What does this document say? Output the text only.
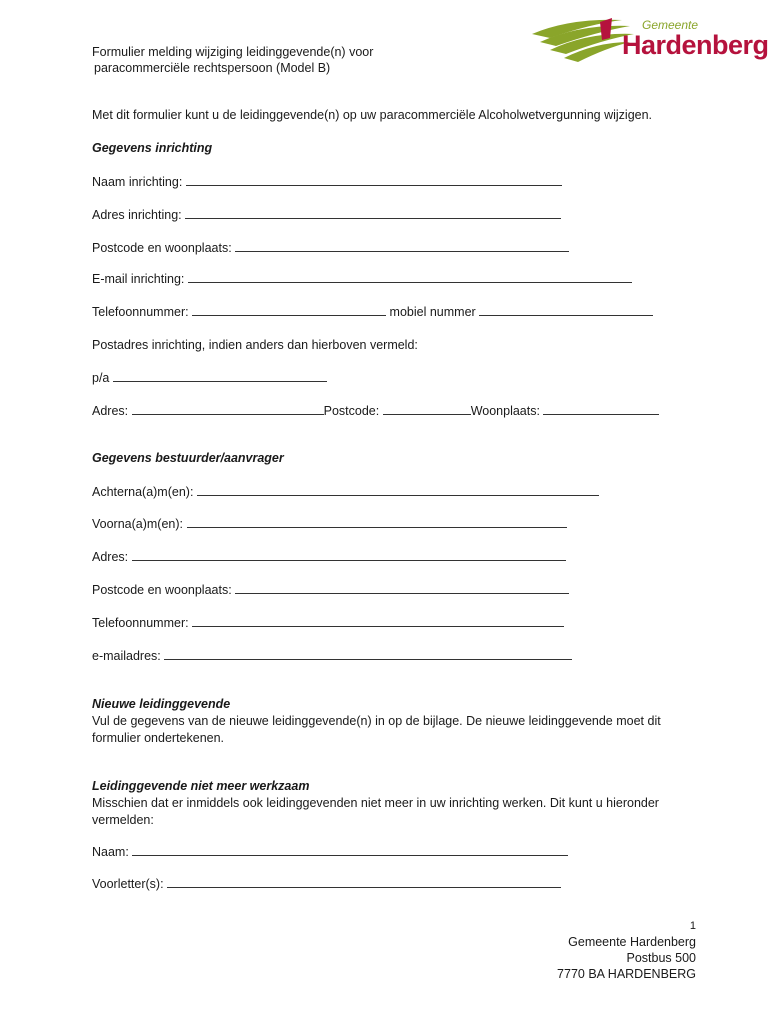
Gemeente
Hardenberg
Formulier melding wijziging leidinggevende(n) voor
paracommerciële rechtspersoon (Model B)
Met dit formulier kunt u de leidinggevende(n) op uw paracommerciële Alcoholwetvergunning wijzigen.
Gegevens inrichting
Naam inrichting:
Adres inrichting:
Postcode en woonplaats:
E-mail inrichting:
Telefoonnummer:	mobiel nummer
Postadres inrichting, indien anders dan hierboven vermeld:
p/a
Adres:	Postcode:	Woonplaats:
Gegevens bestuurder/aanvrager
Achterna(a)m(en):
Voorna(a)m(en):
Adres:
Postcode en woonplaats:
Telefoonnummer:
e-mailadres:
Nieuwe leidinggevende
Vul de gegevens van de nieuwe leidinggevende(n) in op de bijlage. De nieuwe leidinggevende moet dit
formulier ondertekenen.
Leidinggevende niet meer werkzaam
Misschien dat er inmiddels ook leidinggevenden niet meer in uw inrichting werken. Dit kunt u hieronder
vermelden:
Naam:
Voorletter(s):
1
Gemeente Hardenberg
Postbus 500
7770 BA HARDENBERG
